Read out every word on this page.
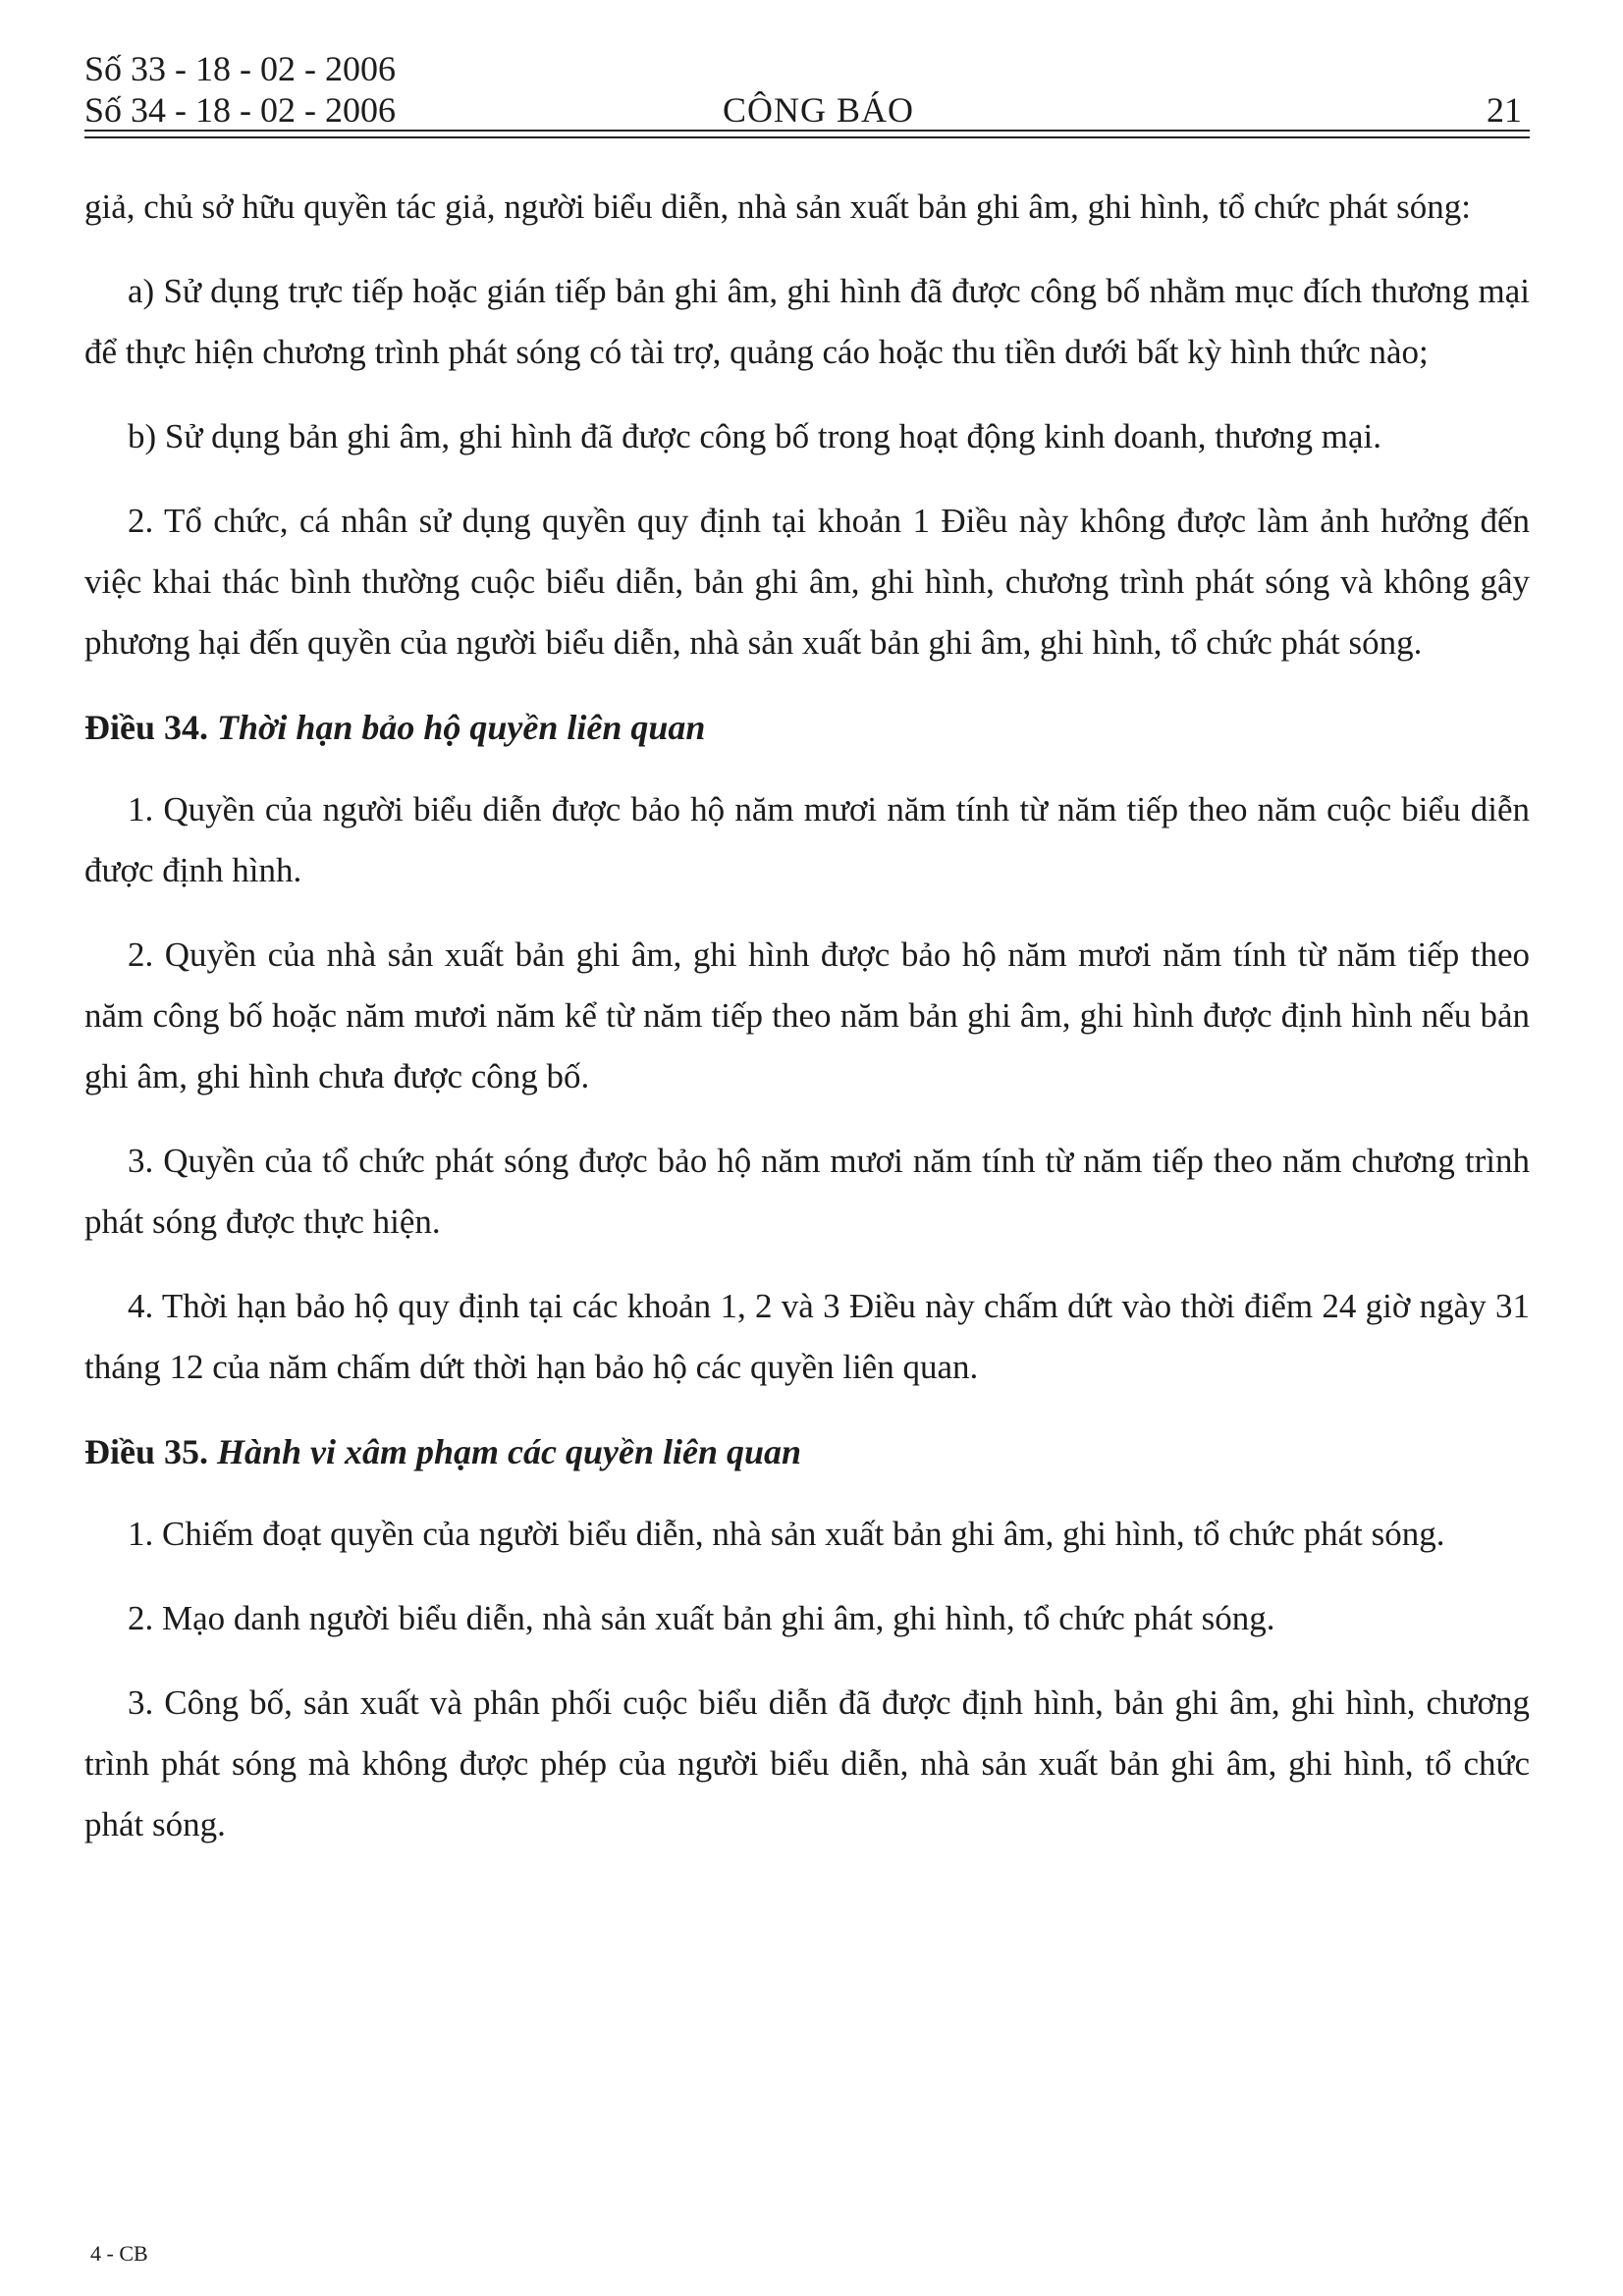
Số 33 - 18 - 02 - 2006
Số 34 - 18 - 02 - 2006	CÔNG BÁO	21

giả, chủ sở hữu quyền tác giả, người biểu diễn, nhà sản xuất bản ghi âm, ghi hình, tổ chức phát sóng:

a) Sử dụng trực tiếp hoặc gián tiếp bản ghi âm, ghi hình đã được công bố nhằm mục đích thương mại để thực hiện chương trình phát sóng có tài trợ, quảng cáo hoặc thu tiền dưới bất kỳ hình thức nào;

b) Sử dụng bản ghi âm, ghi hình đã được công bố trong hoạt động kinh doanh, thương mại.

2. Tổ chức, cá nhân sử dụng quyền quy định tại khoản 1 Điều này không được làm ảnh hưởng đến việc khai thác bình thường cuộc biểu diễn, bản ghi âm, ghi hình, chương trình phát sóng và không gây phương hại đến quyền của người biểu diễn, nhà sản xuất bản ghi âm, ghi hình, tổ chức phát sóng.

Điều 34. Thời hạn bảo hộ quyền liên quan

1. Quyền của người biểu diễn được bảo hộ năm mươi năm tính từ năm tiếp theo năm cuộc biểu diễn được định hình.

2. Quyền của nhà sản xuất bản ghi âm, ghi hình được bảo hộ năm mươi năm tính từ năm tiếp theo năm công bố hoặc năm mươi năm kể từ năm tiếp theo năm bản ghi âm, ghi hình được định hình nếu bản ghi âm, ghi hình chưa được công bố.

3. Quyền của tổ chức phát sóng được bảo hộ năm mươi năm tính từ năm tiếp theo năm chương trình phát sóng được thực hiện.

4. Thời hạn bảo hộ quy định tại các khoản 1, 2 và 3 Điều này chấm dứt vào thời điểm 24 giờ ngày 31 tháng 12 của năm chấm dứt thời hạn bảo hộ các quyền liên quan.

Điều 35. Hành vi xâm phạm các quyền liên quan

1. Chiếm đoạt quyền của người biểu diễn, nhà sản xuất bản ghi âm, ghi hình, tổ chức phát sóng.

2. Mạo danh người biểu diễn, nhà sản xuất bản ghi âm, ghi hình, tổ chức phát sóng.

3. Công bố, sản xuất và phân phối cuộc biểu diễn đã được định hình, bản ghi âm, ghi hình, chương trình phát sóng mà không được phép của người biểu diễn, nhà sản xuất bản ghi âm, ghi hình, tổ chức phát sóng.

4 - CB
